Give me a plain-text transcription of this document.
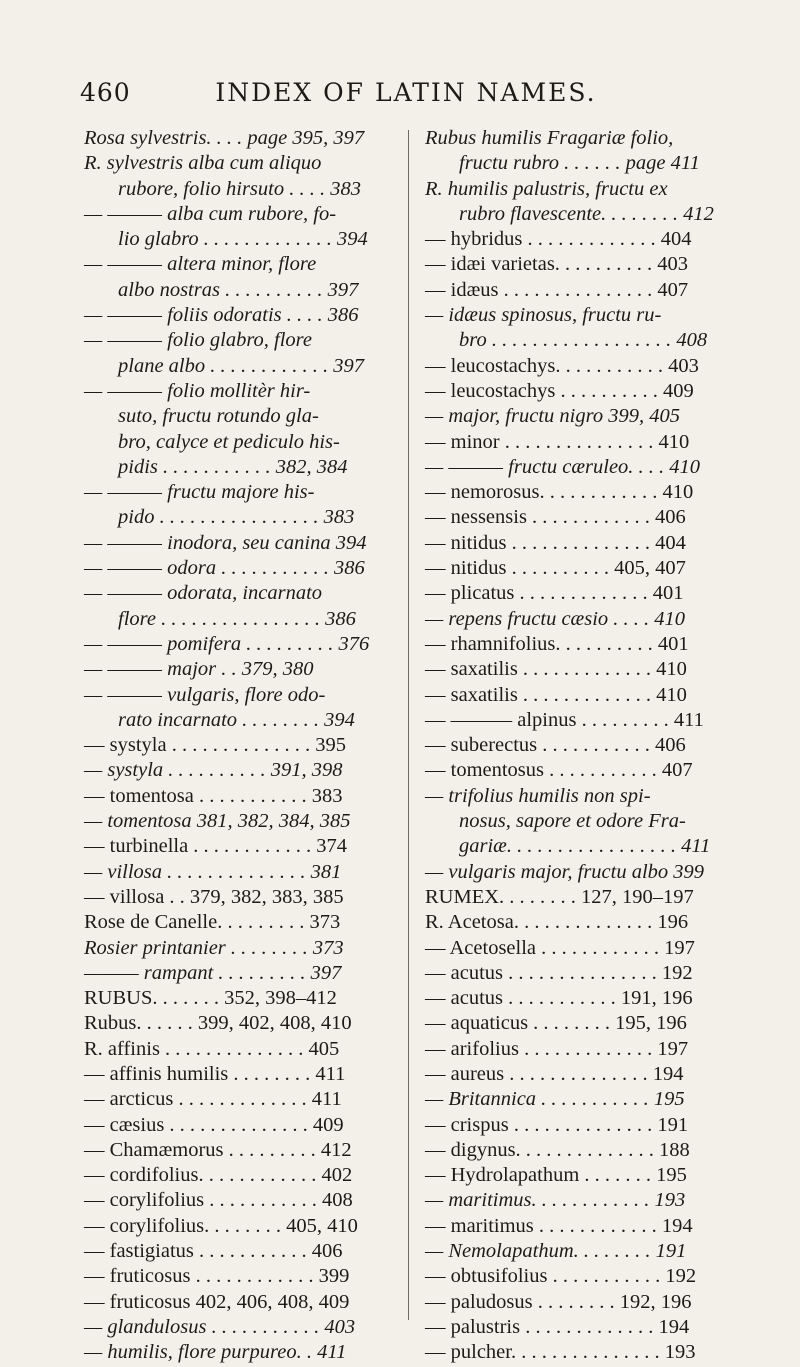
460	INDEX OF LATIN NAMES.
Rosa sylvestris. . . . page 395, 397
R. sylvestris alba cum aliquo
rubore, folio hirsuto . . . . 383
— ——— alba cum rubore, fo-
lio glabro . . . . . . . . . . . . . 394
— ——— altera minor, flore
albo nostras . . . . . . . . . . 397
— ——— foliis odoratis . . . . 386
— ——— folio glabro, flore
plane albo . . . . . . . . . . . . 397
— ——— folio mollitèr hir-
suto, fructu rotundo gla-
bro, calyce et pediculo his-
pidis . . . . . . . . . . . 382, 384
— ——— fructu majore his-
pido . . . . . . . . . . . . . . . . 383
— ——— inodora, seu canina 394
— ——— odora . . . . . . . . . . . 386
— ——— odorata, incarnato
flore . . . . . . . . . . . . . . . . 386
— ——— pomifera . . . . . . . . . 376
— ——— major . . 379, 380
— ——— vulgaris, flore odo-
rato incarnato . . . . . . . . 394
— systyla . . . . . . . . . . . . . . 395
— systyla . . . . . . . . . . 391, 398
— tomentosa . . . . . . . . . . . 383
— tomentosa 381, 382, 384, 385
— turbinella . . . . . . . . . . . . 374
— villosa . . . . . . . . . . . . . . 381
— villosa . . 379, 382, 383, 385
Rose de Canelle. . . . . . . . . 373
Rosier printanier . . . . . . . . 373
——— rampant . . . . . . . . . 397
RUBUS. . . . . . . 352, 398–412
Rubus. . . . . . 399, 402, 408, 410
R. affinis . . . . . . . . . . . . . . 405
— affinis humilis . . . . . . . . 411
— arcticus . . . . . . . . . . . . . 411
— cæsius . . . . . . . . . . . . . . 409
— Chamæmorus . . . . . . . . . 412
— cordifolius. . . . . . . . . . . . 402
— corylifolius . . . . . . . . . . . 408
— corylifolius. . . . . . . . 405, 410
— fastigiatus . . . . . . . . . . . 406
— fruticosus . . . . . . . . . . . . 399
— fruticosus 402, 406, 408, 409
— glandulosus . . . . . . . . . . . 403
— humilis, flore purpureo. . 411
Rubus humilis Fragariæ folio,
fructu rubro . . . . . . page 411
R. humilis palustris, fructu ex
rubro flavescente. . . . . . . . 412
— hybridus . . . . . . . . . . . . . 404
— idæi varietas. . . . . . . . . . 403
— idæus . . . . . . . . . . . . . . . 407
— idæus spinosus, fructu ru-
bro . . . . . . . . . . . . . . . . . . 408
— leucostachys. . . . . . . . . . . 403
— leucostachys . . . . . . . . . . 409
— major, fructu nigro 399, 405
— minor . . . . . . . . . . . . . . . 410
— ——— fructu cæruleo. . . . 410
— nemorosus. . . . . . . . . . . . 410
— nessensis . . . . . . . . . . . . 406
— nitidus . . . . . . . . . . . . . . 404
— nitidus . . . . . . . . . . 405, 407
— plicatus . . . . . . . . . . . . . 401
— repens fructu cæsio . . . . 410
— rhamnifolius. . . . . . . . . . 401
— saxatilis . . . . . . . . . . . . . 410
— saxatilis . . . . . . . . . . . . . 410
— ——— alpinus . . . . . . . . . 411
— suberectus . . . . . . . . . . . 406
— tomentosus . . . . . . . . . . . 407
— trifolius humilis non spi-
nosus, sapore et odore Fra-
gariæ. . . . . . . . . . . . . . . . . 411
— vulgaris major, fructu albo 399
RUMEX. . . . . . . . 127, 190–197
R. Acetosa. . . . . . . . . . . . . . 196
— Acetosella . . . . . . . . . . . . 197
— acutus . . . . . . . . . . . . . . . 192
— acutus . . . . . . . . . . . 191, 196
— aquaticus . . . . . . . . 195, 196
— arifolius . . . . . . . . . . . . . 197
— aureus . . . . . . . . . . . . . . 194
— Britannica . . . . . . . . . . . 195
— crispus . . . . . . . . . . . . . . 191
— digynus. . . . . . . . . . . . . . 188
— Hydrolapathum . . . . . . . 195
— maritimus. . . . . . . . . . . . 193
— maritimus . . . . . . . . . . . . 194
— Nemolapathum. . . . . . . . 191
— obtusifolius . . . . . . . . . . . 192
— paludosus . . . . . . . . 192, 196
— palustris . . . . . . . . . . . . . 194
— pulcher. . . . . . . . . . . . . . . 193
